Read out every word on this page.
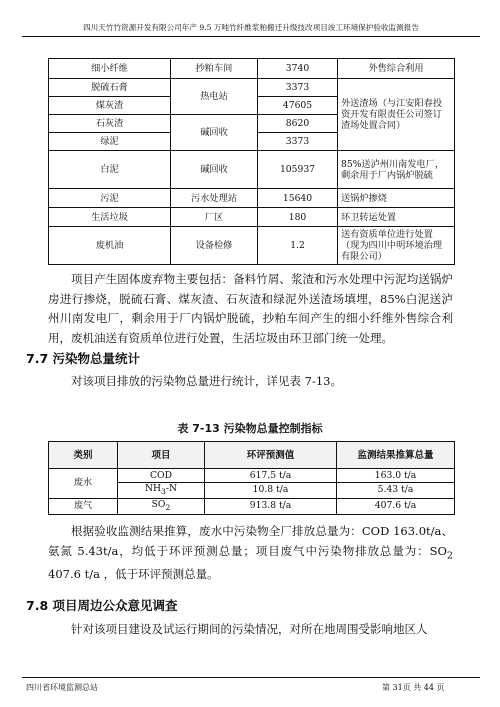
四川天竹竹资源开发有限公司年产 9.5 万吨竹纤维浆粕搬迁升级技改项目竣工环境保护验收监测报告
细小纤维	抄粕车间	3740	外售综合利用
脱硫石膏	热电站	3373	外送渣场（与江安阳春投资开发有限责任公司签订渣场处置合同）
煤灰渣		47605	
石灰渣	碱回收	8620	
绿泥		3373	
白泥	碱回收	105937	85%送泸州川南发电厂，剩余用于厂内锅炉脱硫
污泥	污水处理站	15640	送锅炉掺烧
生活垃圾	厂区	180	环卫转运处置
废机油	设备检修	1.2	送有资质单位进行处置（现为四川中明环境治理有限公司）
项目产生固体废弃物主要包括：备料竹屑、浆渣和污水处理中污泥均送锅炉房进行掺烧，脱硫石膏、煤灰渣、石灰渣和绿泥外送渣场填埋，85%白泥送泸州川南发电厂，剩余用于厂内锅炉脱硫，抄粕车间产生的细小纤维外售综合利用，废机油送有资质单位进行处置，生活垃圾由环卫部门统一处理。
7.7 污染物总量统计
对该项目排放的污染物总量进行统计，详见表 7-13。
表 7-13 污染物总量控制指标
类别	项目	环评预测值	监测结果推算总量
废水	COD	617.5 t/a	163.0 t/a
	$NH_3-N$	10.8 t/a	5.43 t/a
废气	$SO_2$	913.8 t/a	407.6 t/a
根据验收监测结果推算，废水中污染物全厂排放总量为：COD 163.0t/a、氨氮 5.43t/a，均低于环评预测总量；项目废气中污染物排放总量为：$SO_2$ 407.6 t/a ，低于环评预测总量。
7.8 项目周边公众意见调查
针对该项目建设及试运行期间的污染情况，对所在地周围受影响地区人
四川省环境监测总站	第 31页 共 44 页
